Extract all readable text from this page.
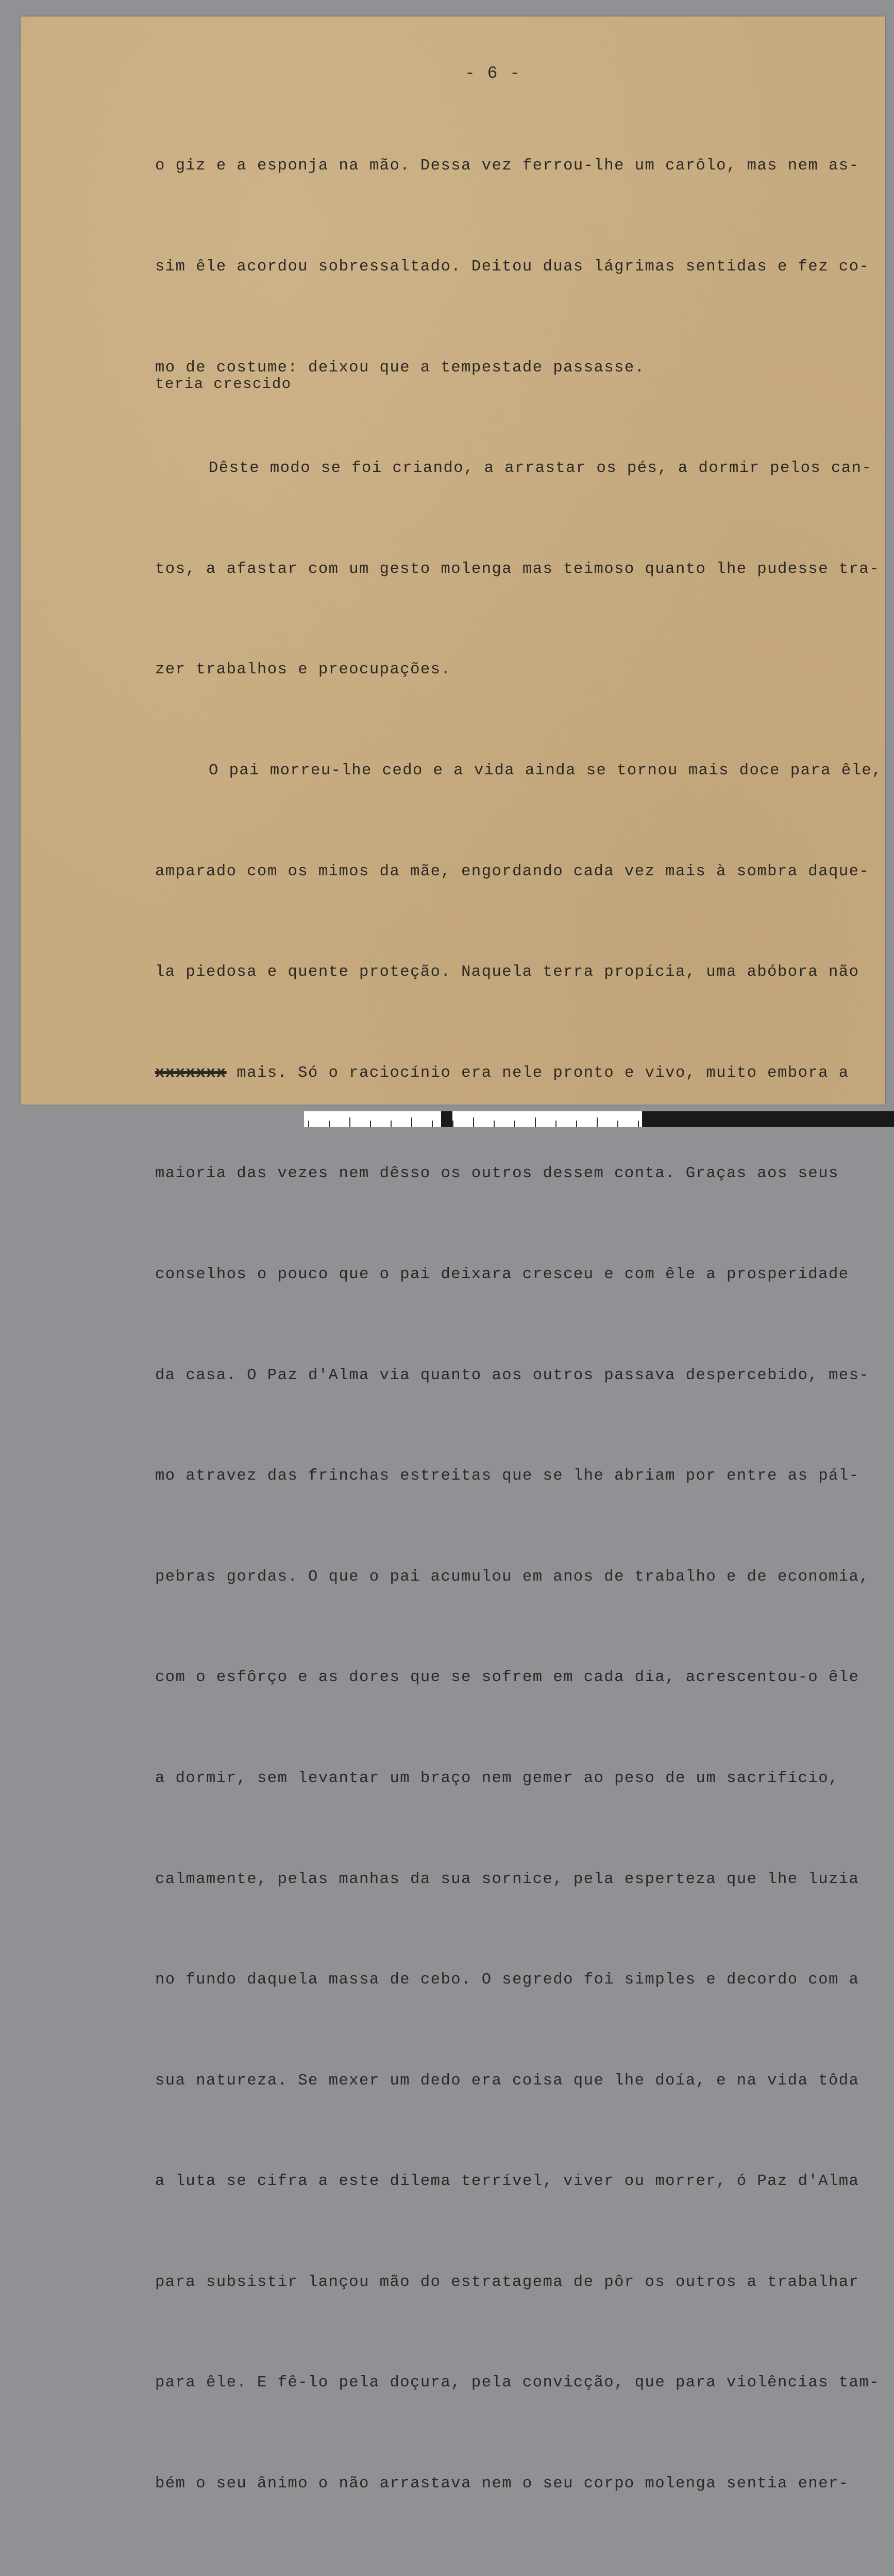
- 6 -
teria crescido

o giz e a esponja na mão. Dessa vez ferrou-lhe um carôlo, mas nem as-

sim êle acordou sobressaltado. Deitou duas lágrimas sentidas e fez co-

mo de costume: deixou que a tempestade passasse.

Dêste modo se foi criando, a arrastar os pés, a dormir pelos can-

tos, a afastar com um gesto molenga mas teimoso quanto lhe pudesse tra-

zer trabalhos e preocupações.

O pai morreu-lhe cedo e a vida ainda se tornou mais doce para êle,

amparado com os mimos da mãe, engordando cada vez mais à sombra daque-

la piedosa e quente proteção. Naquela terra propícia, uma abóbora não

xxxxxxx mais. Só o raciocínio era nele pronto e vivo, muito embora a

maioria das vezes nem dêsso os outros dessem conta. Graças aos seus

conselhos o pouco que o pai deixara cresceu e com êle a prosperidade

da casa. O Paz d'Alma via quanto aos outros passava despercebido, mes-

mo atravez das frinchas estreitas que se lhe abriam por entre as pál-

pebras gordas. O que o pai acumulou em anos de trabalho e de economia,

com o esfôrço e as dores que se sofrem em cada dia, acrescentou-o êle

a dormir, sem levantar um braço nem gemer ao peso de um sacrifício,

calmamente, pelas manhas da sua sornice, pela esperteza que lhe luzia

no fundo daquela massa de cebo. O segredo foi simples e decordo com a

sua natureza. Se mexer um dedo era coisa que lhe doía, e na vida tôda

a luta se cifra a este dilema terrível, viver ou morrer, ó Paz d'Alma

para subsistir lançou mão do estratagema de pôr os outros a trabalhar

para êle. E fê-lo pela doçura, pela convicção, que para violências tam-

bém o seu ânimo o não arrastava nem o seu corpo molenga sentia ener-
